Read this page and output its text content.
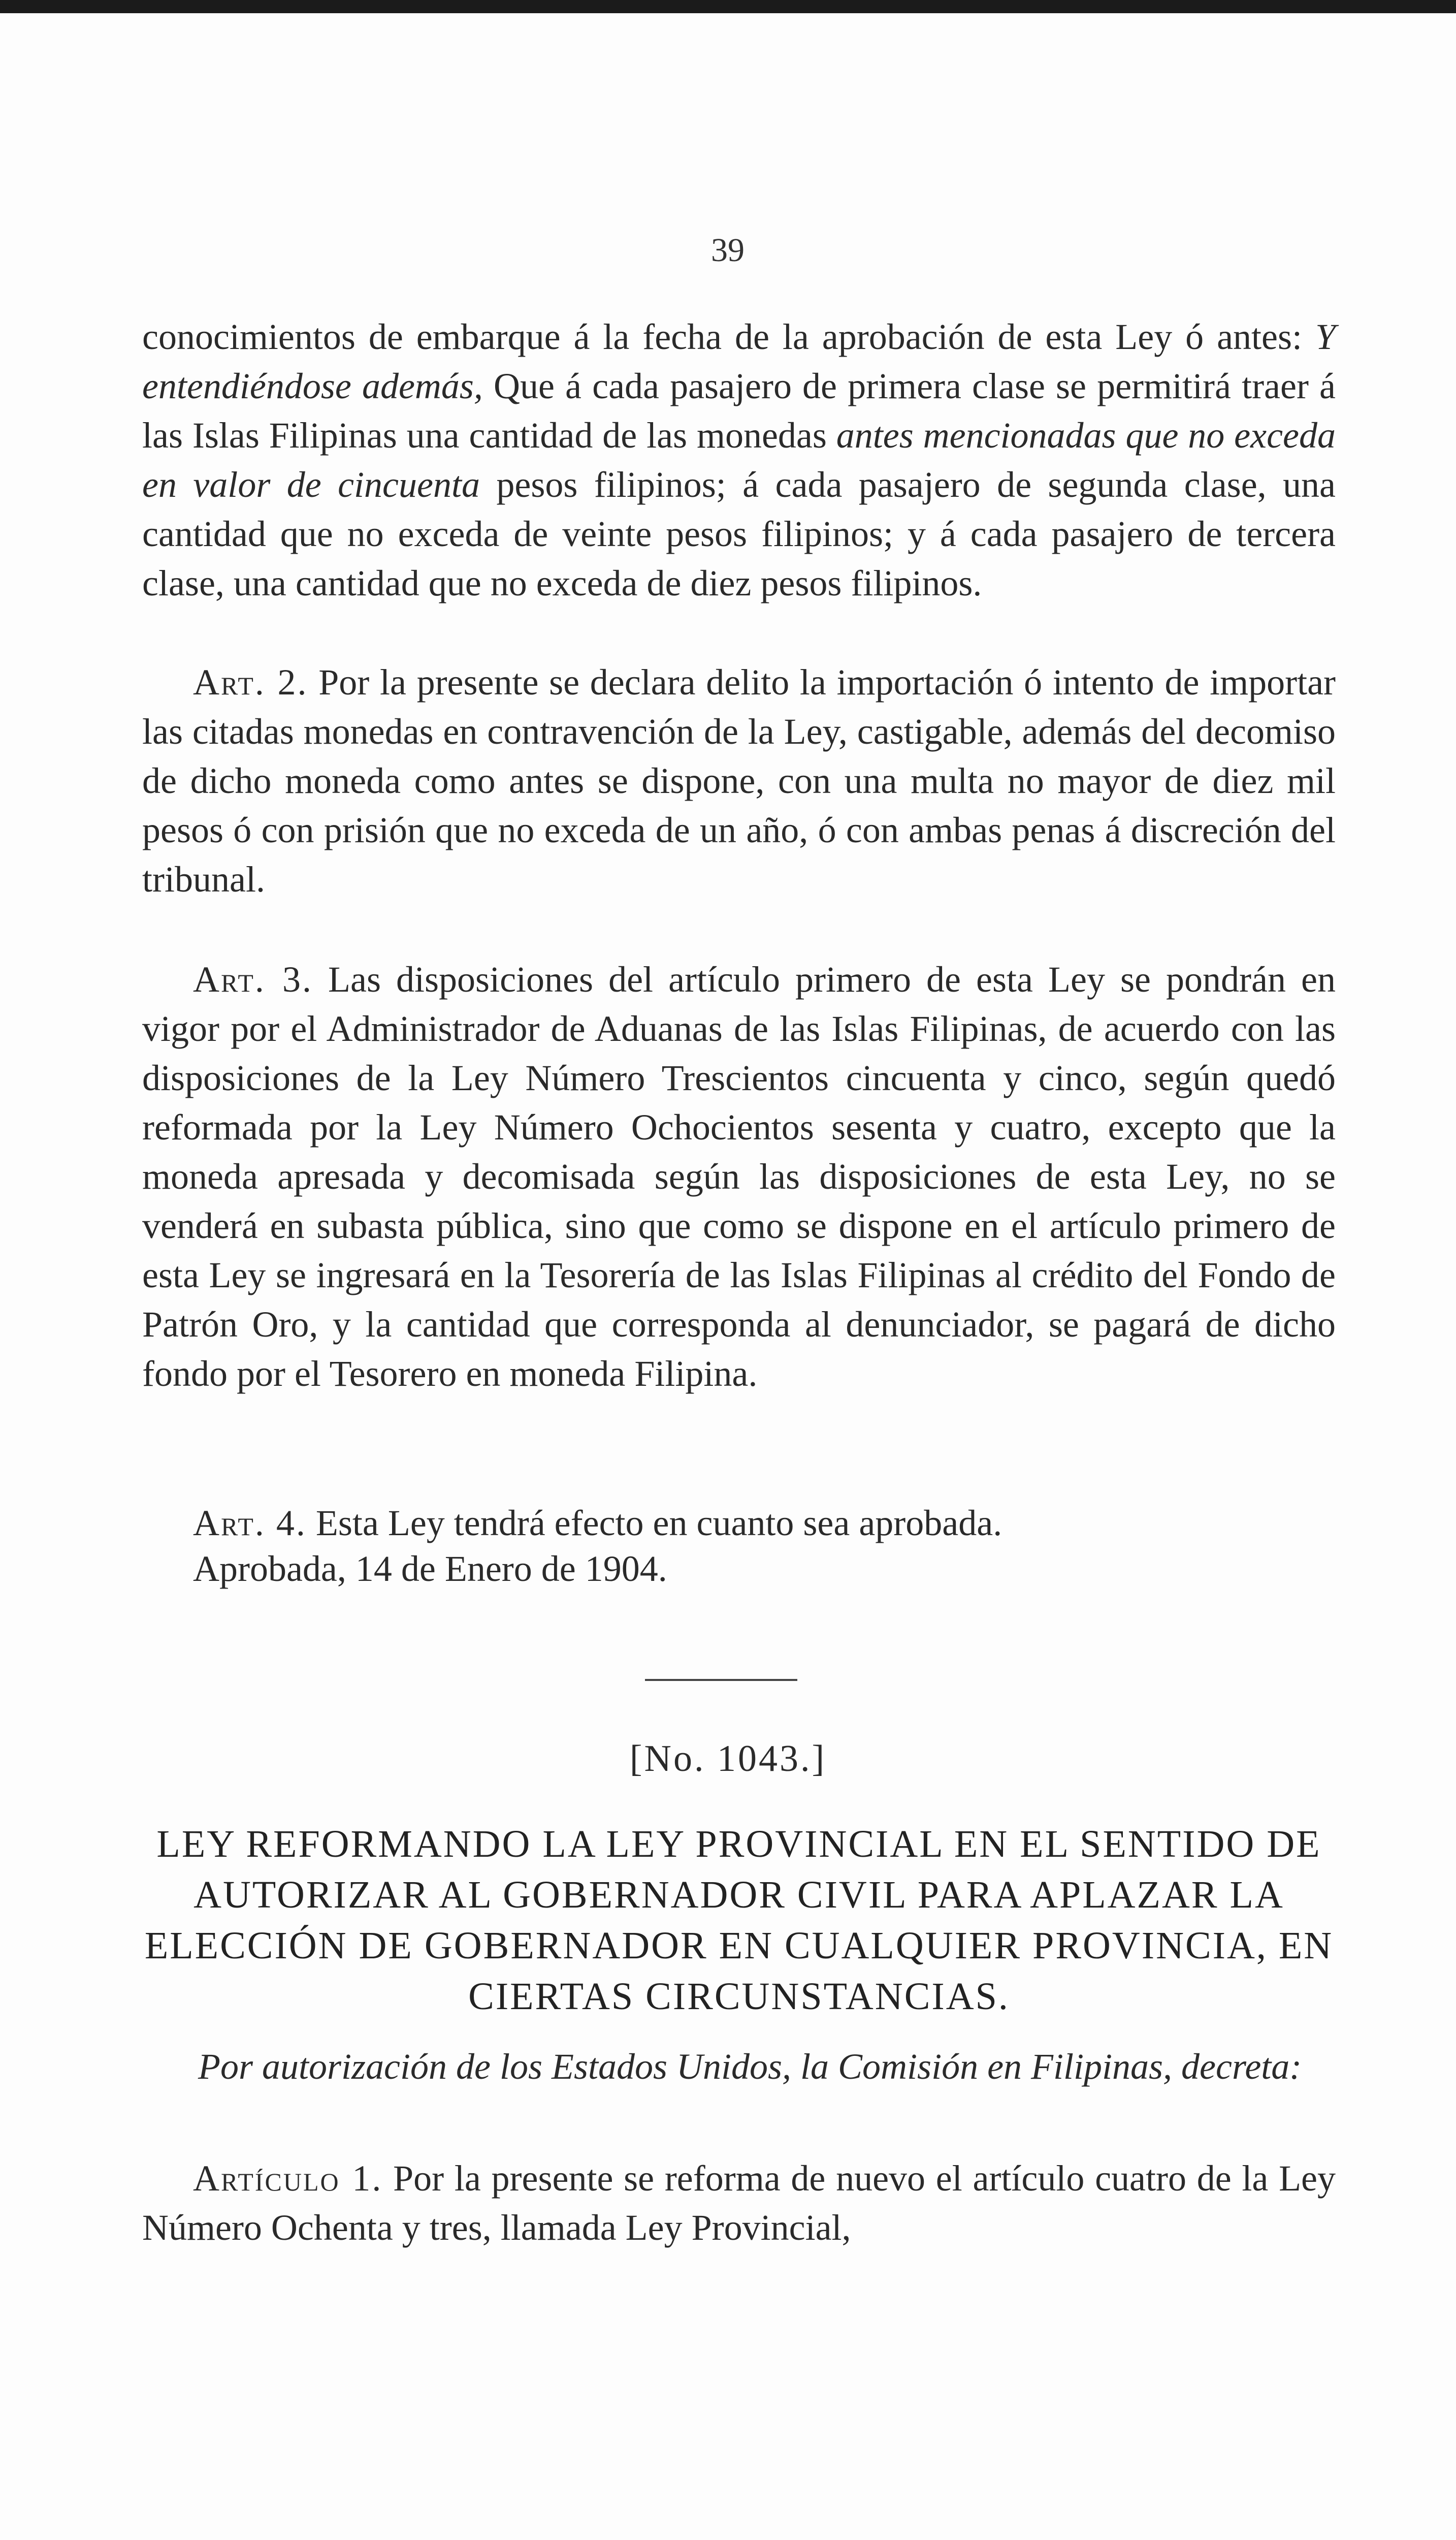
39
conocimientos de embarque á la fecha de la aprobación de esta Ley ó antes: Y entendiéndose además, Que á cada pasajero de primera clase se permitirá traer á las Islas Filipinas una cantidad de las monedas antes mencionadas que no exceda en valor de cincuenta pesos filipinos; á cada pasajero de segunda clase, una cantidad que no exceda de veinte pesos filipinos; y á cada pasajero de tercera clase, una cantidad que no exceda de diez pesos filipinos.
Art. 2. Por la presente se declara delito la importación ó intento de importar las citadas monedas en contravención de la Ley, castigable, además del decomiso de dicho moneda como antes se dispone, con una multa no mayor de diez mil pesos ó con prisión que no exceda de un año, ó con ambas penas á discreción del tribunal.
Art. 3. Las disposiciones del artículo primero de esta Ley se pondrán en vigor por el Administrador de Aduanas de las Islas Filipinas, de acuerdo con las disposiciones de la Ley Número Trescientos cincuenta y cinco, según quedó reformada por la Ley Número Ochocientos sesenta y cuatro, excepto que la moneda apresada y decomisada según las disposiciones de esta Ley, no se venderá en subasta pública, sino que como se dispone en el artículo primero de esta Ley se ingresará en la Tesorería de las Islas Filipinas al crédito del Fondo de Patrón Oro, y la cantidad que corresponda al denunciador, se pagará de dicho fondo por el Tesorero en moneda Filipina.
Art. 4. Esta Ley tendrá efecto en cuanto sea aprobada.
Aprobada, 14 de Enero de 1904.
[No. 1043.]
LEY REFORMANDO LA LEY PROVINCIAL EN EL SENTIDO DE AUTORIZAR AL GOBERNADOR CIVIL PARA APLAZAR LA ELECCIÓN DE GOBERNADOR EN CUALQUIER PROVINCIA, EN CIERTAS CIRCUNSTANCIAS.
Por autorización de los Estados Unidos, la Comisión en Filipinas, decreta:
Artículo 1. Por la presente se reforma de nuevo el artículo cuatro de la Ley Número Ochenta y tres, llamada Ley Provincial,
